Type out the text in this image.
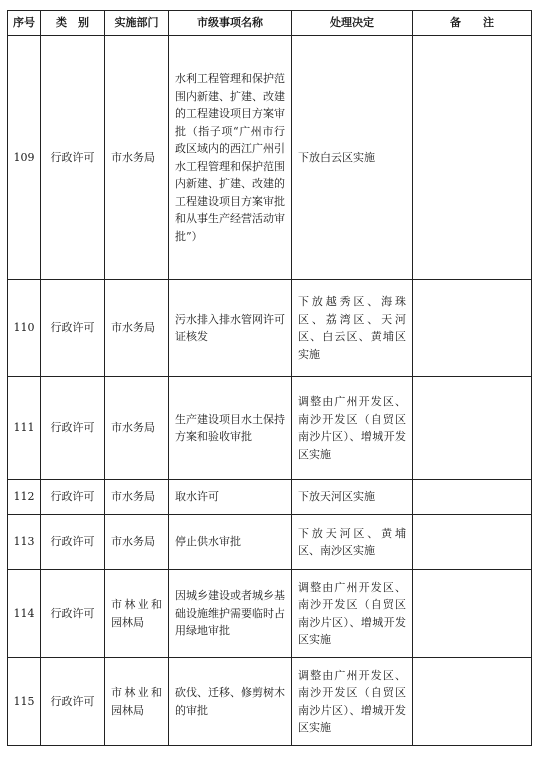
序号	类　别	实施部门	市级事项名称	处理决定	备　　注
109	行政许可	市水务局	水利工程管理和保护范围内新建、扩建、改建的工程建设项目方案审批（指子项“广州市行政区域内的西江广州引水工程管理和保护范围内新建、扩建、改建的工程建设项目方案审批和从事生产经营活动审批”）	下放白云区实施	
110	行政许可	市水务局	污水排入排水管网许可证核发	下放越秀区、海珠区、荔湾区、天河区、白云区、黄埔区实施	
111	行政许可	市水务局	生产建设项目水土保持方案和验收审批	调整由广州开发区、南沙开发区（自贸区南沙片区）、增城开发区实施	
112	行政许可	市水务局	取水许可	下放天河区实施	
113	行政许可	市水务局	停止供水审批	下放天河区、黄埔区、南沙区实施	
114	行政许可	市林业和园林局	因城乡建设或者城乡基础设施维护需要临时占用绿地审批	调整由广州开发区、南沙开发区（自贸区南沙片区）、增城开发区实施	
115	行政许可	市林业和园林局	砍伐、迁移、修剪树木的审批	调整由广州开发区、南沙开发区（自贸区南沙片区）、增城开发区实施	
